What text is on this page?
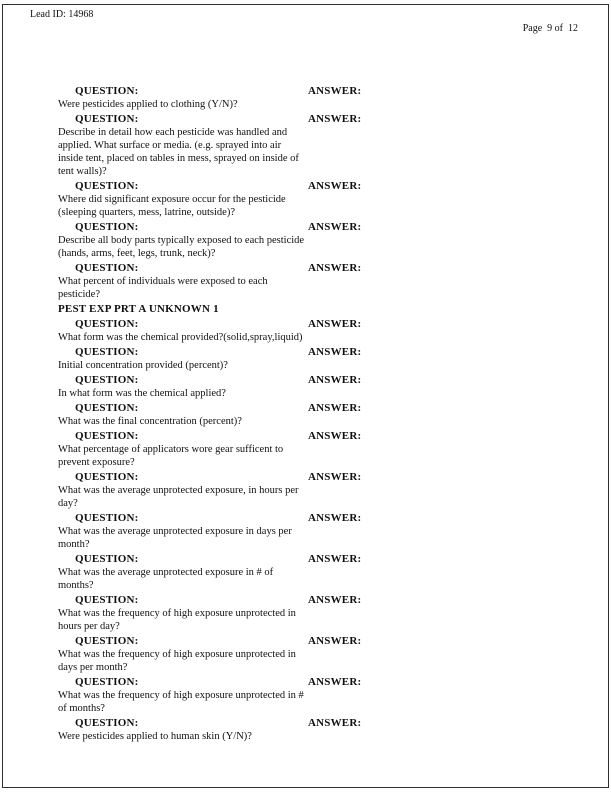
Lead ID: 14968
Page  9 of  12
QUESTION:
Were pesticides applied to clothing (Y/N)?
ANSWER:
QUESTION:
Describe in detail how each pesticide was handled and applied. What surface or media. (e.g. sprayed into air inside tent, placed on tables in mess, sprayed on inside of tent walls)?
ANSWER:
QUESTION:
Where did significant exposure occur for the pesticide (sleeping quarters, mess, latrine, outside)?
ANSWER:
QUESTION:
Describe all body parts typically exposed to each pesticide (hands, arms, feet, legs, trunk, neck)?
ANSWER:
QUESTION:
What percent of individuals were exposed to each pesticide?
ANSWER:
PEST EXP PRT A UNKNOWN 1
QUESTION:
What form was the chemical provided?(solid,spray,liquid)
ANSWER:
QUESTION:
Initial concentration provided (percent)?
ANSWER:
QUESTION:
In what form was the chemical applied?
ANSWER:
QUESTION:
What was the final concentration (percent)?
ANSWER:
QUESTION:
What percentage of applicators wore gear sufficent to prevent exposure?
ANSWER:
QUESTION:
What was the average unprotected exposure, in hours per day?
ANSWER:
QUESTION:
What was the average unprotected exposure in days per month?
ANSWER:
QUESTION:
What was the average unprotected exposure in # of months?
ANSWER:
QUESTION:
What was the frequency of high exposure unprotected in hours per day?
ANSWER:
QUESTION:
What was the frequency of high exposure unprotected in days per month?
ANSWER:
QUESTION:
What was the frequency of high exposure unprotected in # of months?
ANSWER:
QUESTION:
Were pesticides applied to human skin (Y/N)?
ANSWER:
